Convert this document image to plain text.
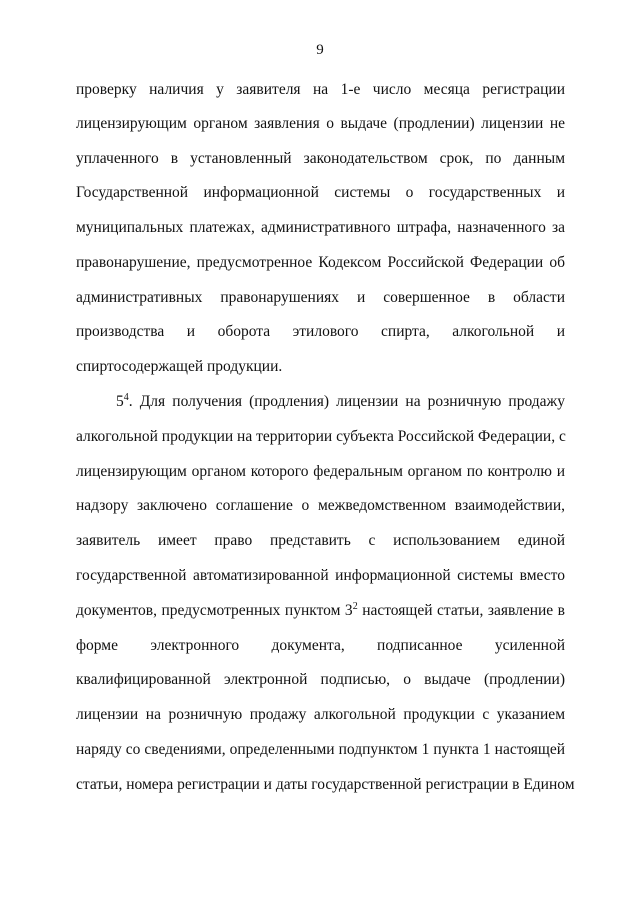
9
проверку наличия у заявителя на 1-е число месяца регистрации
лицензирующим органом заявления о выдаче (продлении) лицензии не
уплаченного в установленный законодательством срок, по данным
Государственной информационной системы о государственных и
муниципальных платежах, административного штрафа, назначенного за
правонарушение, предусмотренное Кодексом Российской Федерации об
административных правонарушениях и совершенное в области
производства и оборота этилового спирта, алкогольной и
спиртосодержащей продукции.
$5^4$. Для получения (продления) лицензии на розничную продажу
алкогольной продукции на территории субъекта Российской Федерации, с
лицензирующим органом которого федеральным органом по контролю и
надзору заключено соглашение о межведомственном взаимодействии,
заявитель имеет право представить с использованием единой
государственной автоматизированной информационной системы вместо
документов, предусмотренных пунктом $3^2$ настоящей статьи, заявление в
форме электронного документа, подписанное усиленной
квалифицированной электронной подписью, о выдаче (продлении)
лицензии на розничную продажу алкогольной продукции с указанием
наряду со сведениями, определенными подпунктом 1 пункта 1 настоящей
статьи, номера регистрации и даты государственной регистрации в Едином
